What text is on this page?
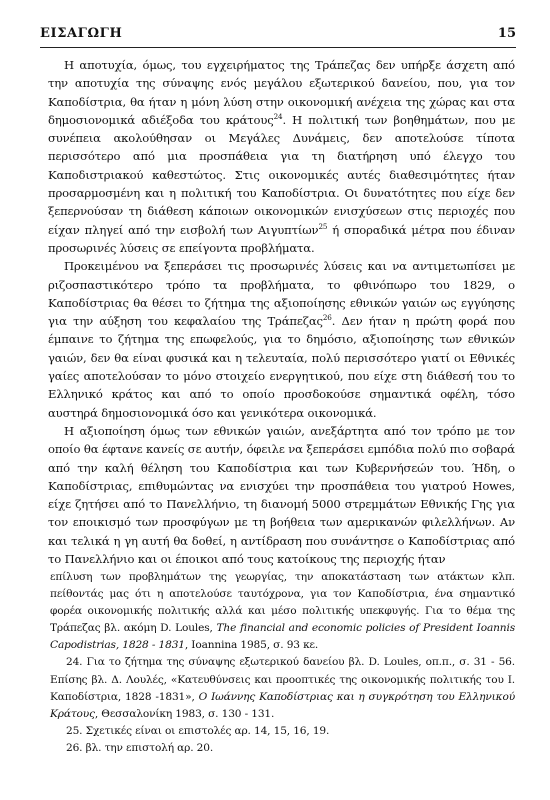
ΕΙΣΑΓΩΓΗ	15

Η αποτυχία, όμως, του εγχειρήματος της Τράπεζας δεν υπήρξε άσχετη από την αποτυχία της σύναψης ενός μεγάλου εξωτερικού δανείου, που, για τον Καποδίστρια, θα ήταν η μόνη λύση στην οικονομική ανέχεια της χώρας και στα δημοσιονομικά αδιέξοδα του κράτους$^{24}$. Η πολιτική των βοηθημάτων, που με συνέπεια ακολούθησαν οι Μεγάλες Δυνάμεις, δεν αποτελούσε τίποτα περισσότερο από μια προσπάθεια για τη διατήρηση υπό έλεγχο του Καποδιστριακού καθεστώτος. Στις οικονομικές αυτές διαθεσιμότητες ήταν προσαρμοσμένη και η πολιτική του Καποδίστρια. Οι δυνατότητες που είχε δεν ξεπερνούσαν τη διάθεση κάποιων οικονομικών ενισχύσεων στις περιοχές που είχαν πληγεί από την εισβολή των Αιγυπτίων$^{25}$ ή σποραδικά μέτρα που έδιναν προσωρινές λύσεις σε επείγοντα προβλήματα.

Προκειμένου να ξεπεράσει τις προσωρινές λύσεις και να αντιμετωπίσει με ριζοσπαστικότερο τρόπο τα προβλήματα, το φθινόπωρο του 1829, ο Καποδίστριας θα θέσει το ζήτημα της αξιοποίησης εθνικών γαιών ως εγγύησης για την αύξηση του κεφαλαίου της Τράπεζας$^{26}$. Δεν ήταν η πρώτη φορά που έμπαινε το ζήτημα της επωφελούς, για το δημόσιο, αξιοποίησης των εθνικών γαιών, δεν θα είναι φυσικά και η τελευταία, πολύ περισσότερο γιατί οι Εθνικές γαίες αποτελούσαν το μόνο στοιχείο ενεργητικού, που είχε στη διάθεσή του το Ελληνικό κράτος και από το οποίο προσδοκούσε σημαντικά οφέλη, τόσο αυστηρά δημοσιονομικά όσο και γενικότερα οικονομικά.

Η αξιοποίηση όμως των εθνικών γαιών, ανεξάρτητα από τον τρόπο με τον οποίο θα έφτανε κανείς σε αυτήν, όφειλε να ξεπεράσει εμπόδια πολύ πιο σοβαρά από την καλή θέληση του Καποδίστρια και των Κυβερνήσεών του. Ήδη, ο Καποδίστριας, επιθυμώντας να ενισχύει την προσπάθεια του γιατρού Howes, είχε ζητήσει από το Πανελλήνιο, τη διανομή 5000 στρεμμάτων Εθνικής Γης για τον εποικισμό των προσφύγων με τη βοήθεια των αμερικανών φιλελλήνων. Αν και τελικά η γη αυτή θα δοθεί, η αντίδραση που συνάντησε ο Καποδίστριας από το Πανελλήνιο και οι έποικοι από τους κατοίκους της περιοχής ήταν

επίλυση των προβλημάτων της γεωργίας, την αποκατάσταση των ατάκτων κλπ. πείθοντάς μας ότι η αποτελούσε ταυτόχρονα, για τον Καποδίστρια, ένα σημαντικό φορέα οικονομικής πολιτικής αλλά και μέσο πολιτικής υπεκφυγής. Για το θέμα της Τράπεζας βλ. ακόμη D. Loules, The financial and economic policies of President Ioannis Capodistrias, 1828 - 1831, Ioannina 1985, σ. 93 κε.

24. Για το ζήτημα της σύναψης εξωτερικού δανείου βλ. D. Loules, οπ.π., σ. 31 - 56. Επίσης βλ. Δ. Λουλές, «Κατευθύνσεις και προοπτικές της οικονομικής πολιτικής του Ι. Καποδίστρια, 1828 -1831», Ο Ιωάννης Καποδίστριας και η συγκρότηση του Ελληνικού Κράτους, Θεσσαλονίκη 1983, σ. 130 - 131.

25. Σχετικές είναι οι επιστολές αρ. 14, 15, 16, 19.

26. βλ. την επιστολή αρ. 20.
